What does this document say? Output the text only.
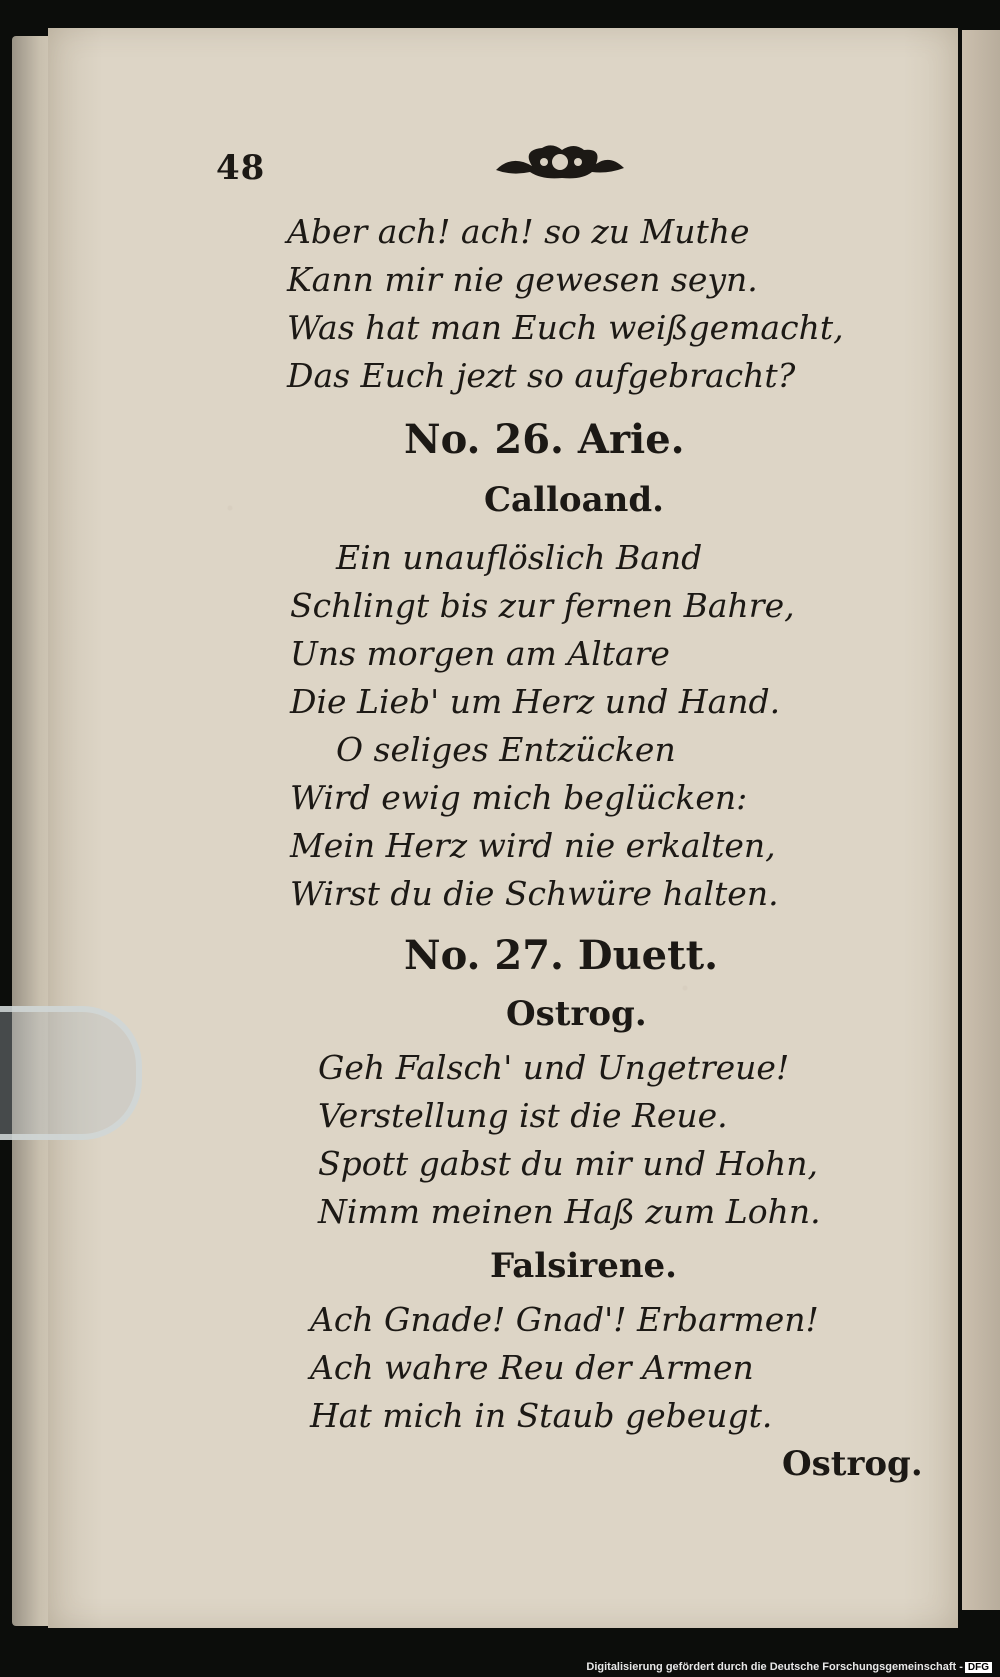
48
Aber ach! ach! so zu Muthe
Kann mir nie gewesen seyn.
Was hat man Euch weißgemacht,
Das Euch jezt so aufgebracht?
No. 26. Arie.
Calloand.
Ein unauflöslich Band
Schlingt bis zur fernen Bahre,
Uns morgen am Altare
Die Lieb' um Herz und Hand.
O seliges Entzücken
Wird ewig mich beglücken:
Mein Herz wird nie erkalten,
Wirst du die Schwüre halten.
No. 27. Duett.
Ostrog.
Geh Falsch' und Ungetreue!
Verstellung ist die Reue.
Spott gabst du mir und Hohn,
Nimm meinen Haß zum Lohn.
Falsirene.
Ach Gnade! Gnad'! Erbarmen!
Ach wahre Reu der Armen
Hat mich in Staub gebeugt.
Ostrog.
Digitalisierung gefördert durch die Deutsche Forschungsgemeinschaft - DFG
